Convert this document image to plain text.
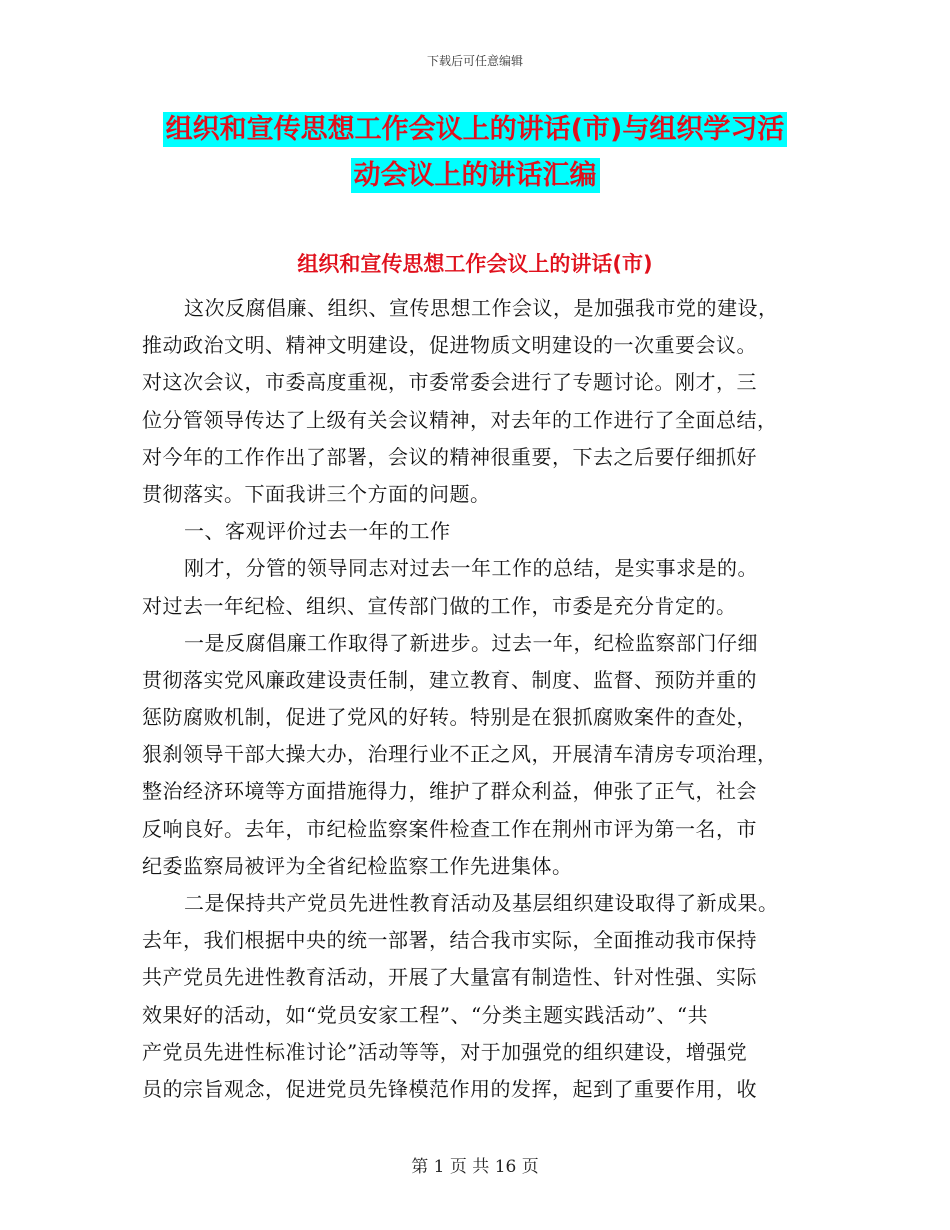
下载后可任意编辑
组织和宣传思想工作会议上的讲话(市)与组织学习活
动会议上的讲话汇编
组织和宣传思想工作会议上的讲话(市)
这次反腐倡廉、组织、宣传思想工作会议，是加强我市党的建设，
推动政治文明、精神文明建设，促进物质文明建设的一次重要会议。
对这次会议，市委高度重视，市委常委会进行了专题讨论。刚才，三
位分管领导传达了上级有关会议精神，对去年的工作进行了全面总结，
对今年的工作作出了部署，会议的精神很重要，下去之后要仔细抓好
贯彻落实。下面我讲三个方面的问题。
一、客观评价过去一年的工作
刚才，分管的领导同志对过去一年工作的总结，是实事求是的。
对过去一年纪检、组织、宣传部门做的工作，市委是充分肯定的。
一是反腐倡廉工作取得了新进步。过去一年，纪检监察部门仔细
贯彻落实党风廉政建设责任制，建立教育、制度、监督、预防并重的
惩防腐败机制，促进了党风的好转。特别是在狠抓腐败案件的查处，
狠刹领导干部大操大办，治理行业不正之风，开展清车清房专项治理，
整治经济环境等方面措施得力，维护了群众利益，伸张了正气，社会
反响良好。去年，市纪检监察案件检查工作在荆州市评为第一名，市
纪委监察局被评为全省纪检监察工作先进集体。
二是保持共产党员先进性教育活动及基层组织建设取得了新成果。
去年，我们根据中央的统一部署，结合我市实际，全面推动我市保持
共产党员先进性教育活动，开展了大量富有制造性、针对性强、实际
效果好的活动，如“党员安家工程”、“分类主题实践活动”、“共
产党员先进性标准讨论”活动等等，对于加强党的组织建设，增强党
员的宗旨观念，促进党员先锋模范作用的发挥，起到了重要作用，收
第 1 页 共 16 页
